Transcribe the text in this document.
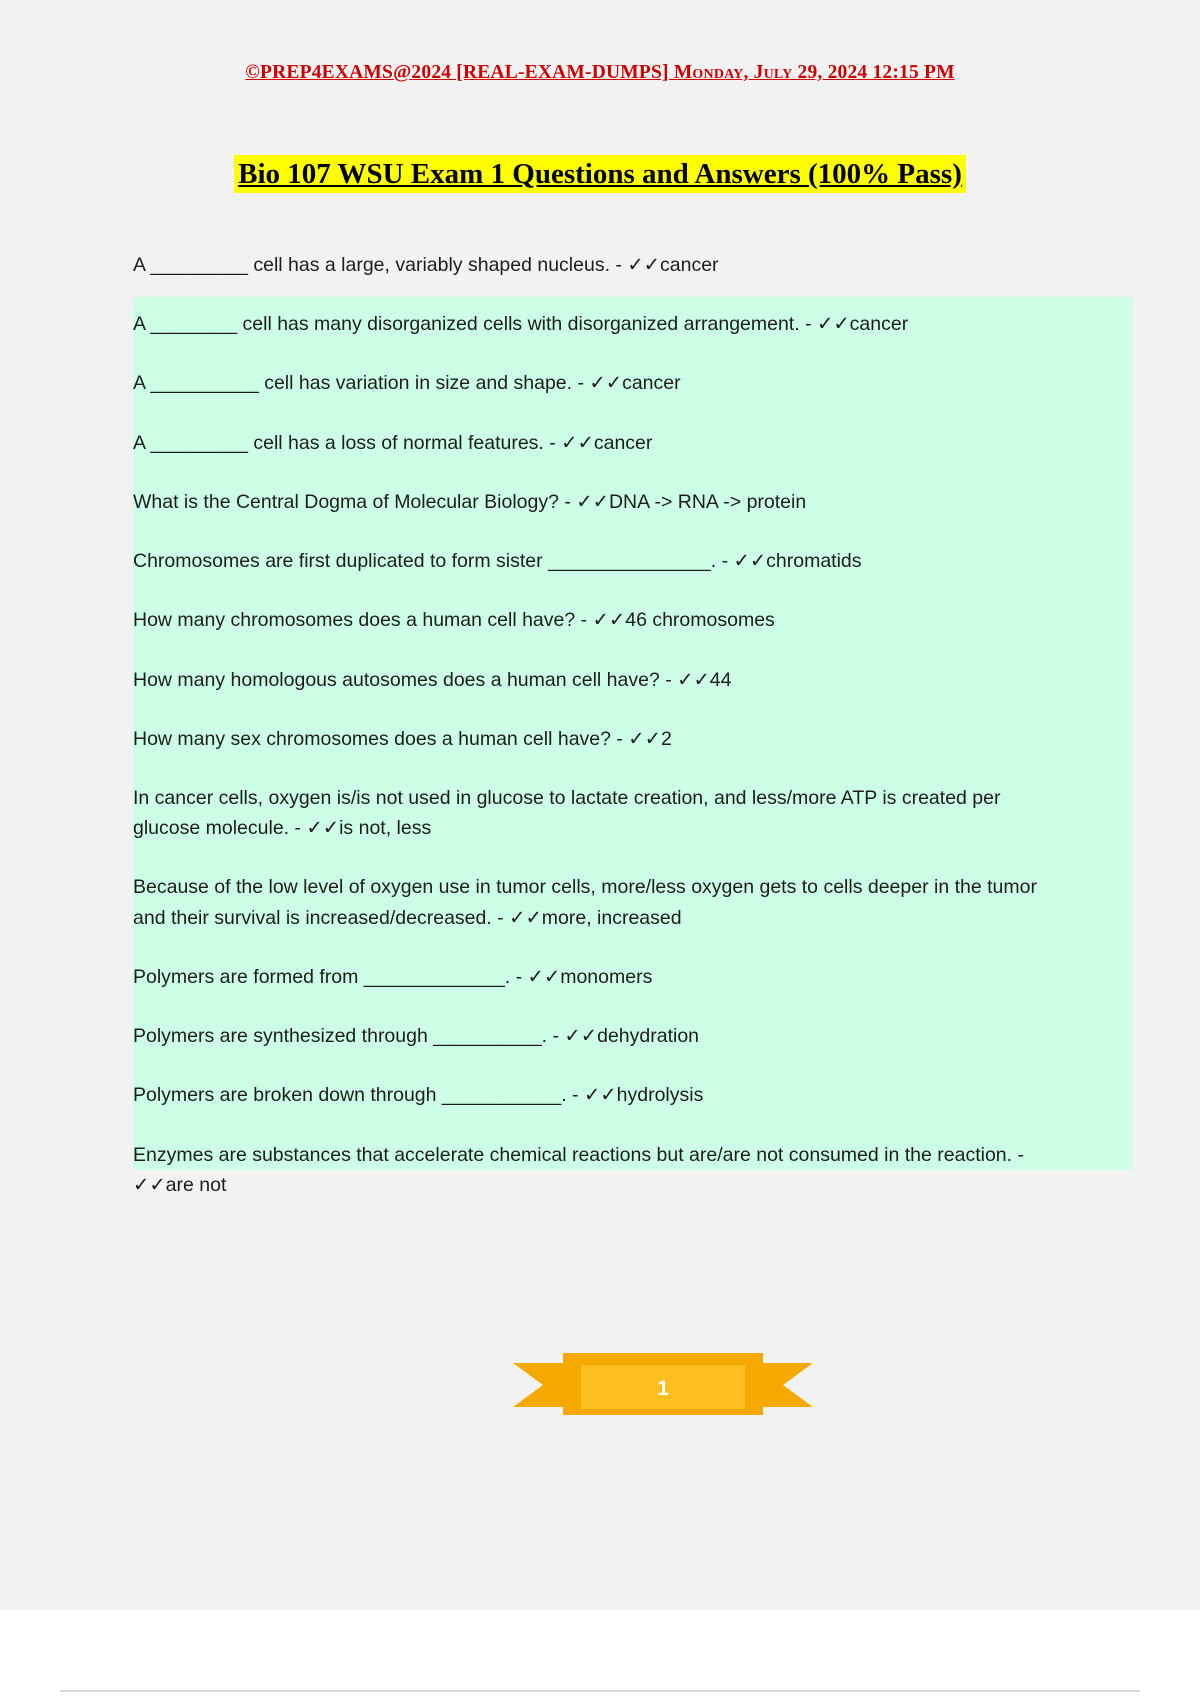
©PREP4EXAMS@2024 [REAL-EXAM-DUMPS] Monday, July 29, 2024 12:15 PM
Bio 107 WSU Exam 1 Questions and Answers (100% Pass)

A _________ cell has a large, variably shaped nucleus. - ✓✓cancer

A ________ cell has many disorganized cells with disorganized arrangement. - ✓✓cancer

A __________ cell has variation in size and shape. - ✓✓cancer

A _________ cell has a loss of normal features. - ✓✓cancer

What is the Central Dogma of Molecular Biology? - ✓✓DNA -> RNA -> protein

Chromosomes are first duplicated to form sister _______________. - ✓✓chromatids

How many chromosomes does a human cell have? - ✓✓46 chromosomes

How many homologous autosomes does a human cell have? - ✓✓44

How many sex chromosomes does a human cell have? - ✓✓2

In cancer cells, oxygen is/is not used in glucose to lactate creation, and less/more ATP is created per glucose molecule. - ✓✓is not, less

Because of the low level of oxygen use in tumor cells, more/less oxygen gets to cells deeper in the tumor and their survival is increased/decreased. - ✓✓more, increased

Polymers are formed from _____________. - ✓✓monomers

Polymers are synthesized through __________. - ✓✓dehydration

Polymers are broken down through ___________. - ✓✓hydrolysis

Enzymes are substances that accelerate chemical reactions but are/are not consumed in the reaction. - ✓✓are not

1
